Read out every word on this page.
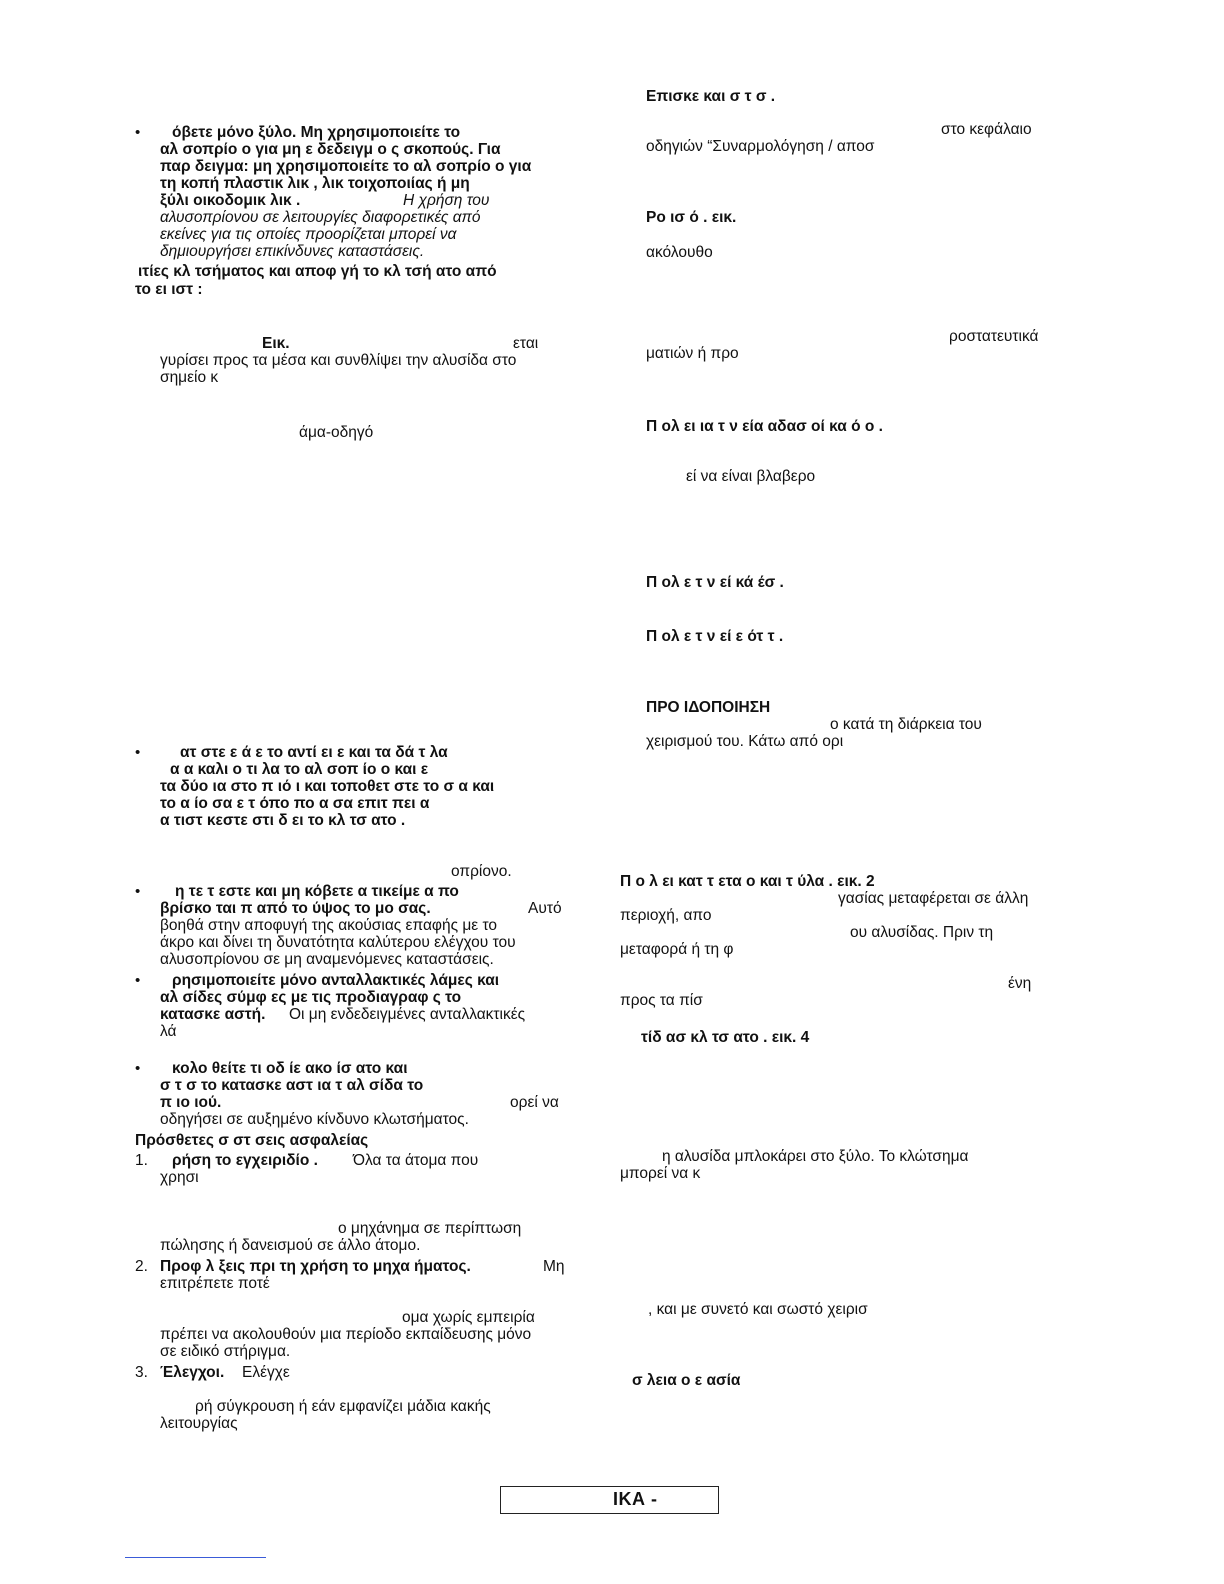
• όβετε μόνο ξύλο. Μη χρησιμοποιείτε το
αλ σοπρίο ο για μη ε δεδειγμ ο ς σκοπούς. Για
παρ δειγμα: μη χρησιμοποιείτε το αλ σοπρίο ο για
τη κοπή πλαστικ λικ , λικ τοιχοποιίας ή μη
ξύλι οικοδομικ λικ .	Η χρήση του
αλυσοπρίονου σε λειτουργίες διαφορετικές από
εκείνες για τις οποίες προορίζεται μπορεί να
δημιουργήσει επικίνδυνες καταστάσεις.
ιτίες κλ τσήματος και αποφ γή το κλ τσή ατο από
το ει ιστ :
Εικ.	εται
γυρίσει προς τα μέσα και συνθλίψει την αλυσίδα στο
σημείο κ
άμα-οδηγό
•	ατ στε ε ά ε το αντί ει ε και τα δά τ λα
α α καλι ο τι λα το αλ σοπ ίο ο και ε
τα δύο ια στο π ιό ι και τοποθετ στε το σ α και
το α ίο σα ε τ όπο πο α σα επιτ πει α
α τιστ κεστε στι δ ει το κλ τσ ατο .
οπρίονο.
• η τε τ εστε και μη κόβετε α τικείμε α πο
βρίσκο ται π από το ύψος το μο σας.	Αυτό
βοηθά στην αποφυγή της ακούσιας επαφής με το
άκρο και δίνει τη δυνατότητα καλύτερου ελέγχου του
αλυσοπρίονου σε μη αναμενόμενες καταστάσεις.
• ρησιμοποιείτε μόνο ανταλλακτικές λάμες και
αλ σίδες σύμφ ες με τις προδιαγραφ ς το
κατασκε αστή. Οι μη ενδεδειγμένες ανταλλακτικές
λά
• κολο θείτε τι οδ ίε ακο ίσ ατο και
σ τ σ το κατασκε αστ ια τ αλ σίδα το
π ιο ιού.	ορεί να
οδηγήσει σε αυξημένο κίνδυνο κλωτσήματος.
Πρόσθετες σ στ σεις ασφαλείας
1. ρήση το εγχειριδίο . Όλα τα άτομα που
χρησι
ο μηχάνημα σε περίπτωση
πώλησης ή δανεισμού σε άλλο άτομο.
2. Προφ λ ξεις πρι τη χρήση το μηχα ήματος.	Μη
επιτρέπετε ποτέ
ομα χωρίς εμπειρία
πρέπει να ακολουθούν μια περίοδο εκπαίδευσης μόνο
σε ειδικό στήριγμα.
3. Έλεγχοι. Ελέγχε
ρή σύγκρουση ή εάν εμφανίζει μάδια κακής
λειτουργίας
Επισκε και σ τ σ .
στο κεφάλαιο
οδηγιών “Συναρμολόγηση / αποσ
Ρο ισ ό . εικ.
ακόλουθο
ροστατευτικά
ματιών ή προ
Π ολ ει ια τ ν εία αδασ οί κα ό ο .
εί να είναι βλαβερο
Π ολ ε τ ν εί κά έσ .
Π ολ ε τ ν εί ε ότ τ .
ΠΡΟ ΙΔΟΠΟΙΗΣΗ
ο κατά τη διάρκεια του
χειρισμού του. Κάτω από ορι
Π ο λ ει κατ τ ετα ο και τ ύλα . εικ. 2
γασίας μεταφέρεται σε άλλη
περιοχή, απο
ου αλυσίδας. Πριν τη
μεταφορά ή τη φ
ένη
προς τα πίσ
τίδ ασ κλ τσ ατο . εικ. 4
η αλυσίδα μπλοκάρει στο ξύλο. Το κλώτσημα
μπορεί να κ
, και με συνετό και σωστό χειρισ
σ λεια ο ε ασία
ΙΚΑ -
